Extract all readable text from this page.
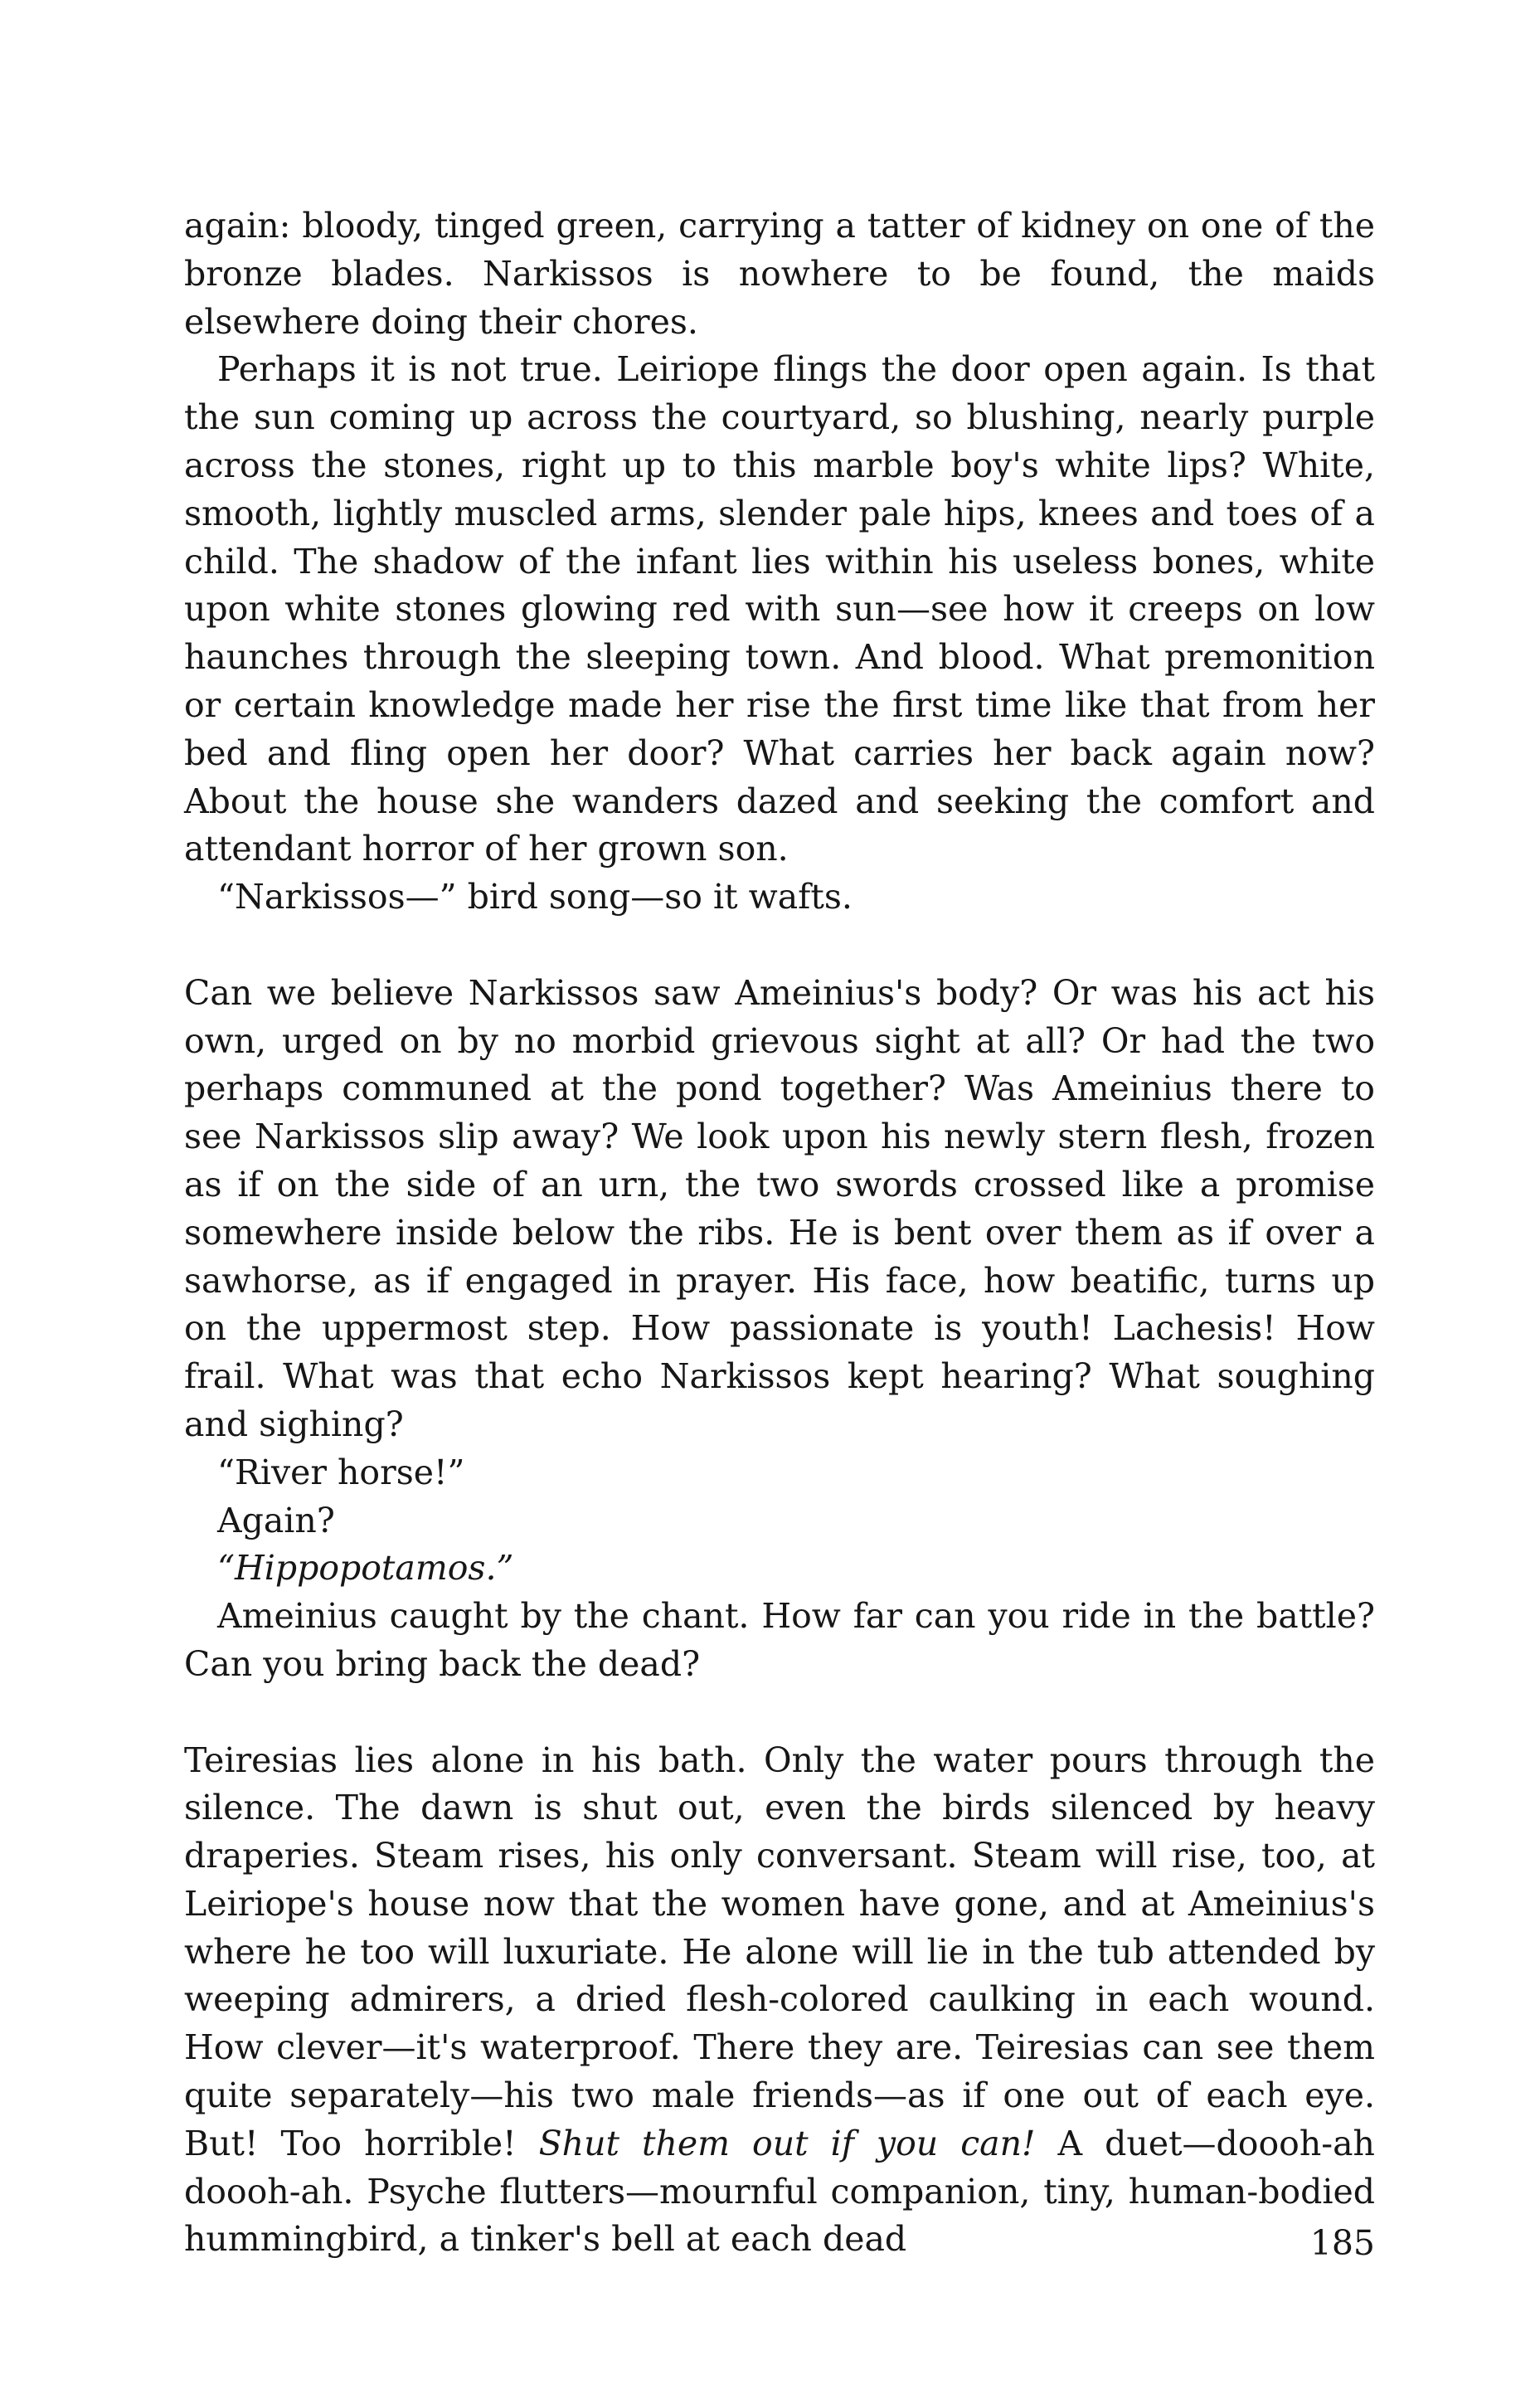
again: bloody, tinged green, carrying a tatter of kidney on one of the bronze blades. Narkissos is nowhere to be found, the maids elsewhere doing their chores.

Perhaps it is not true. Leiriope flings the door open again. Is that the sun coming up across the courtyard, so blushing, nearly purple across the stones, right up to this marble boy's white lips? White, smooth, lightly muscled arms, slender pale hips, knees and toes of a child. The shadow of the infant lies within his useless bones, white upon white stones glowing red with sun—see how it creeps on low haunches through the sleeping town. And blood. What premonition or certain knowledge made her rise the first time like that from her bed and fling open her door? What carries her back again now? About the house she wanders dazed and seeking the comfort and attendant horror of her grown son.

“Narkissos—” bird song—so it wafts.

Can we believe Narkissos saw Ameinius's body? Or was his act his own, urged on by no morbid grievous sight at all? Or had the two perhaps communed at the pond together? Was Ameinius there to see Narkissos slip away? We look upon his newly stern flesh, frozen as if on the side of an urn, the two swords crossed like a promise somewhere inside below the ribs. He is bent over them as if over a sawhorse, as if engaged in prayer. His face, how beatific, turns up on the uppermost step. How passionate is youth! Lachesis! How frail. What was that echo Narkissos kept hearing? What soughing and sighing?

“River horse!”

Again?

“Hippopotamos.”

Ameinius caught by the chant. How far can you ride in the battle? Can you bring back the dead?

Teiresias lies alone in his bath. Only the water pours through the silence. The dawn is shut out, even the birds silenced by heavy draperies. Steam rises, his only conversant. Steam will rise, too, at Leiriope's house now that the women have gone, and at Ameinius's where he too will luxuriate. He alone will lie in the tub attended by weeping admirers, a dried flesh-colored caulking in each wound. How clever—it's waterproof. There they are. Teiresias can see them quite separately—his two male friends—as if one out of each eye. But! Too horrible! Shut them out if you can! A duet—doooh-ah doooh-ah. Psyche flutters—mournful companion, tiny, human-bodied hummingbird, a tinker's bell at each dead	185
